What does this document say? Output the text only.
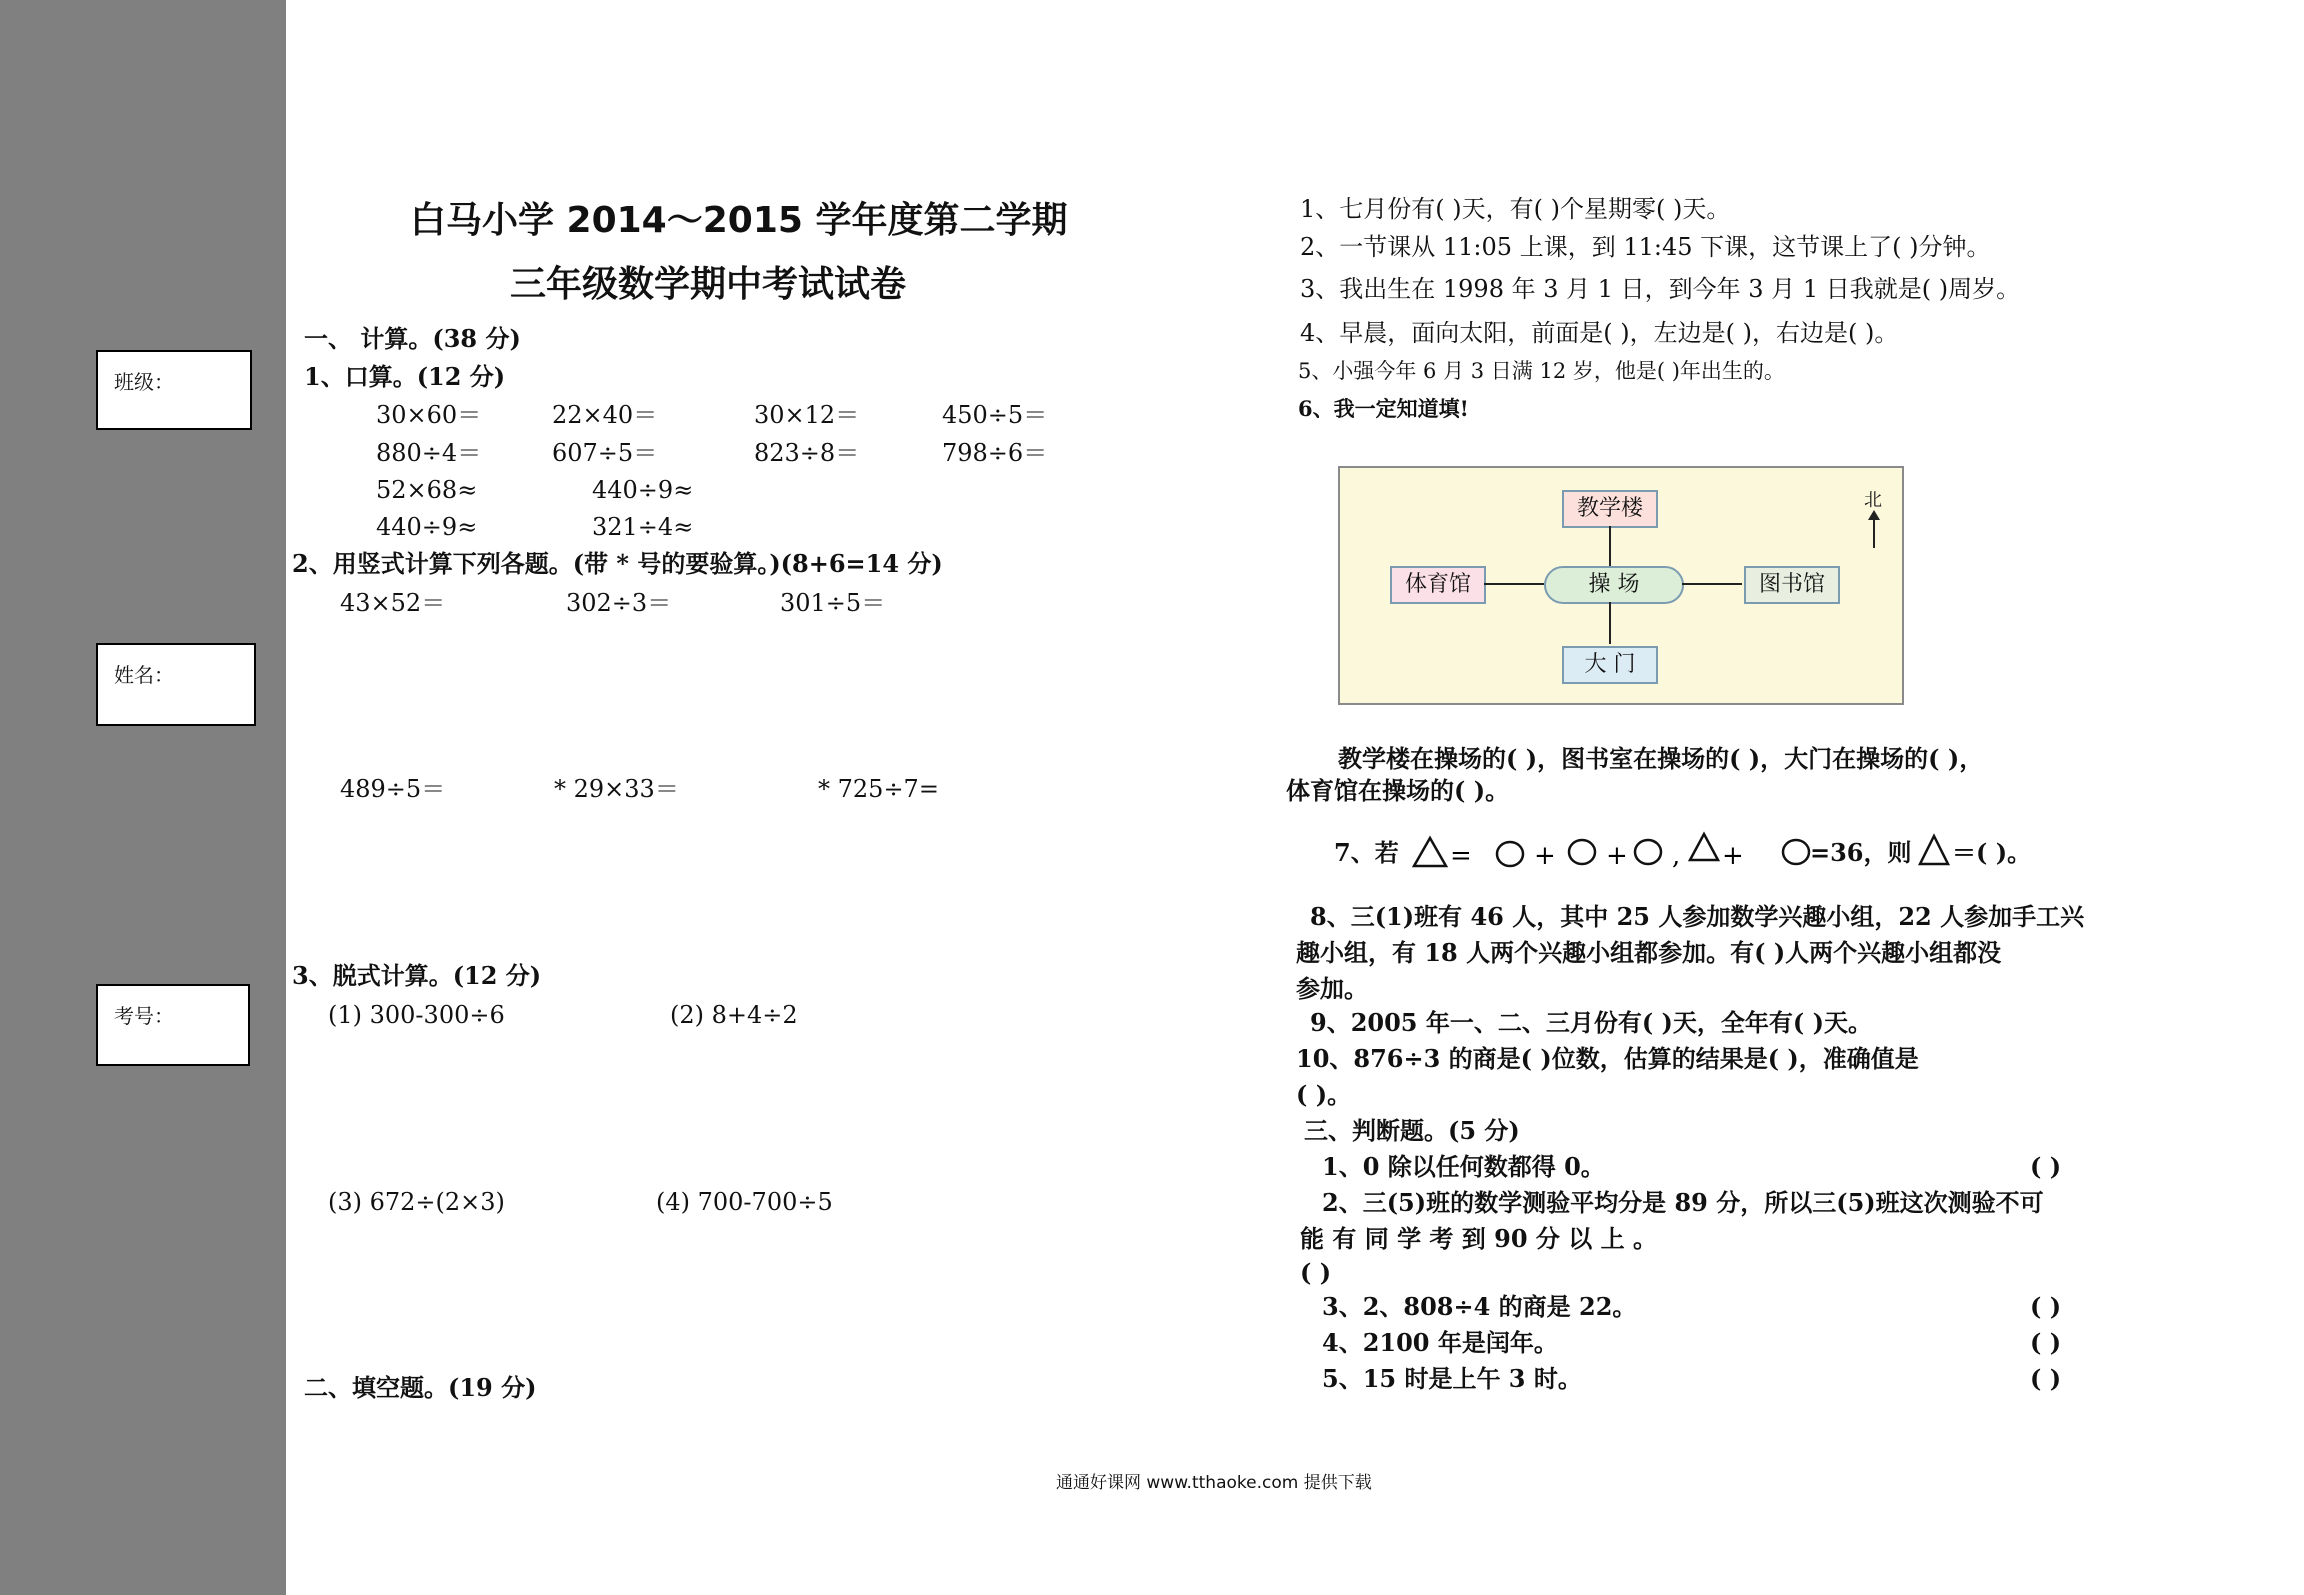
班级：
姓名：
考号：
白马小学 2014～2015 学年度第二学期
三年级数学期中考试试卷
一、 计算。(38 分)
1、口算。(12 分)
30×60＝	22×40＝	30×12＝	450÷5＝
880÷4＝	607÷5＝	823÷8＝	798÷6＝
52×68≈	440÷9≈
440÷9≈	321÷4≈
2、用竖式计算下列各题。(带 * 号的要验算。)(8+6=14 分)
43×52＝	302÷3＝	301÷5＝
489÷5＝	* 29×33＝	* 725÷7=
3、脱式计算。(12 分)
(1) 300-300÷6	(2) 8+4÷2
(3) 672÷(2×3)	(4) 700-700÷5
二、填空题。(19 分)
1、七月份有( )天，有( )个星期零( )天。
2、一节课从 11:05 上课，到 11:45 下课，这节课上了( )分钟。
3、我出生在 1998 年 3 月 1 日，到今年 3 月 1 日我就是( )周岁。
4、早晨，面向太阳，前面是( )，左边是( )，右边是( )。
5、小强今年 6 月 3 日满 12 岁，他是( )年出生的。
6、我一定知道填!
教学楼
体育馆	操 场	图书馆
大 门
北
教学楼在操场的( )，图书室在操场的( )，大门在操场的( )，
体育馆在操场的( )。
7、若 = + + , +	=36，则 ＝( )。
8、三(1)班有 46 人，其中 25 人参加数学兴趣小组，22 人参加手工兴
趣小组，有 18 人两个兴趣小组都参加。有( )人两个兴趣小组都没
参加。
9、2005 年一、二、三月份有( )天，全年有( )天。
10、876÷3 的商是( )位数，估算的结果是( )，准确值是
( )。
三、判断题。(5 分)
1、0 除以任何数都得 0。	( )
2、三(5)班的数学测验平均分是 89 分，所以三(5)班这次测验不可
能 有 同 学 考 到 90 分 以 上 。
( )
3、2、808÷4 的商是 22。	( )
4、2100 年是闰年。	( )
5、15 时是上午 3 时。	( )
通通好课网 www.tthaoke.com 提供下载
